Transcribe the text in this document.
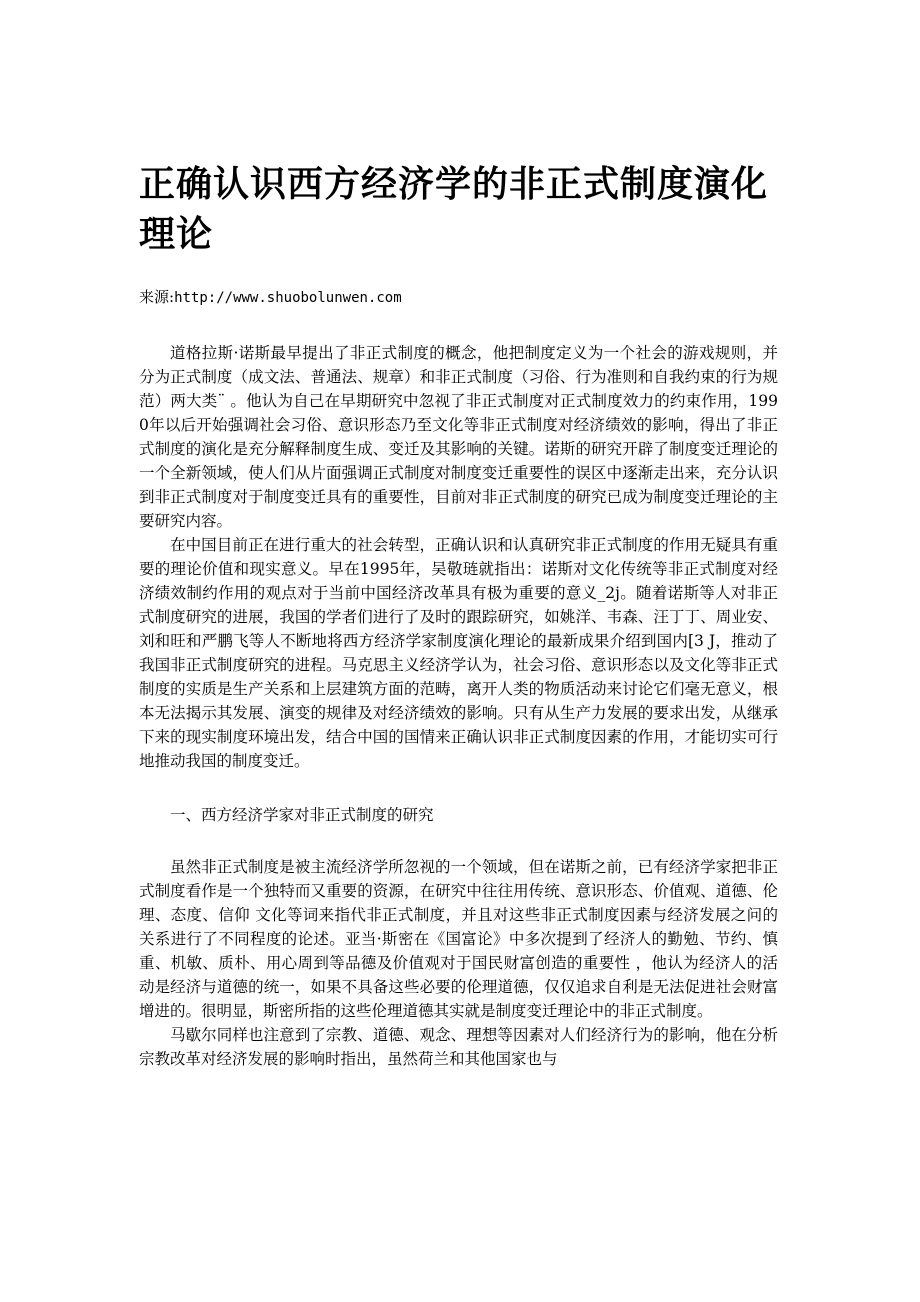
正确认识西方经济学的非正式制度演化理论

来源:http://www.shuobolunwen.com

道格拉斯·诺斯最早提出了非正式制度的概念，他把制度定义为一个社会的游戏规则，并分为正式制度（成文法、普通法、规章）和非正式制度（习俗、行为准则和自我约束的行为规范）两大类¨ 。他认为自己在早期研究中忽视了非正式制度对正式制度效力的约束作用，1990年以后开始强调社会习俗、意识形态乃至文化等非正式制度对经济绩效的影响，得出了非正式制度的演化是充分解释制度生成、变迁及其影响的关键。诺斯的研究开辟了制度变迁理论的一个全新领域，使人们从片面强调正式制度对制度变迁重要性的误区中逐渐走出来，充分认识到非正式制度对于制度变迁具有的重要性，目前对非正式制度的研究已成为制度变迁理论的主要研究内容。

在中国目前正在进行重大的社会转型，正确认识和认真研究非正式制度的作用无疑具有重要的理论价值和现实意义。早在1995年，吴敬琏就指出：诺斯对文化传统等非正式制度对经济绩效制约作用的观点对于当前中国经济改革具有极为重要的意义_2j。随着诺斯等人对非正式制度研究的进展，我国的学者们进行了及时的跟踪研究，如姚洋、韦森、汪丁丁、周业安、刘和旺和严鹏飞等人不断地将西方经济学家制度演化理论的最新成果介绍到国内[3 J，推动了我国非正式制度研究的进程。马克思主义经济学认为，社会习俗、意识形态以及文化等非正式制度的实质是生产关系和上层建筑方面的范畴，离开人类的物质活动来讨论它们毫无意义，根本无法揭示其发展、演变的规律及对经济绩效的影响。只有从生产力发展的要求出发，从继承下来的现实制度环境出发，结合中国的国情来正确认识非正式制度因素的作用，才能切实可行地推动我国的制度变迁。

一、西方经济学家对非正式制度的研究

虽然非正式制度是被主流经济学所忽视的一个领域，但在诺斯之前，已有经济学家把非正式制度看作是一个独特而又重要的资源，在研究中往往用传统、意识形态、价值观、道德、伦理、态度、信仰 文化等词来指代非正式制度，并且对这些非正式制度因素与经济发展之问的关系进行了不同程度的论述。亚当·斯密在《国富论》中多次提到了经济人的勤勉、节约、慎重、机敏、质朴、用心周到等品德及价值观对于国民财富创造的重要性 ，他认为经济人的活动是经济与道德的统一，如果不具备这些必要的伦理道德，仅仅追求自利是无法促进社会财富增进的。很明显，斯密所指的这些伦理道德其实就是制度变迁理论中的非正式制度。

马歇尔同样也注意到了宗教、道德、观念、理想等因素对人们经济行为的影响，他在分析宗教改革对经济发展的影响时指出，虽然荷兰和其他国家也与
